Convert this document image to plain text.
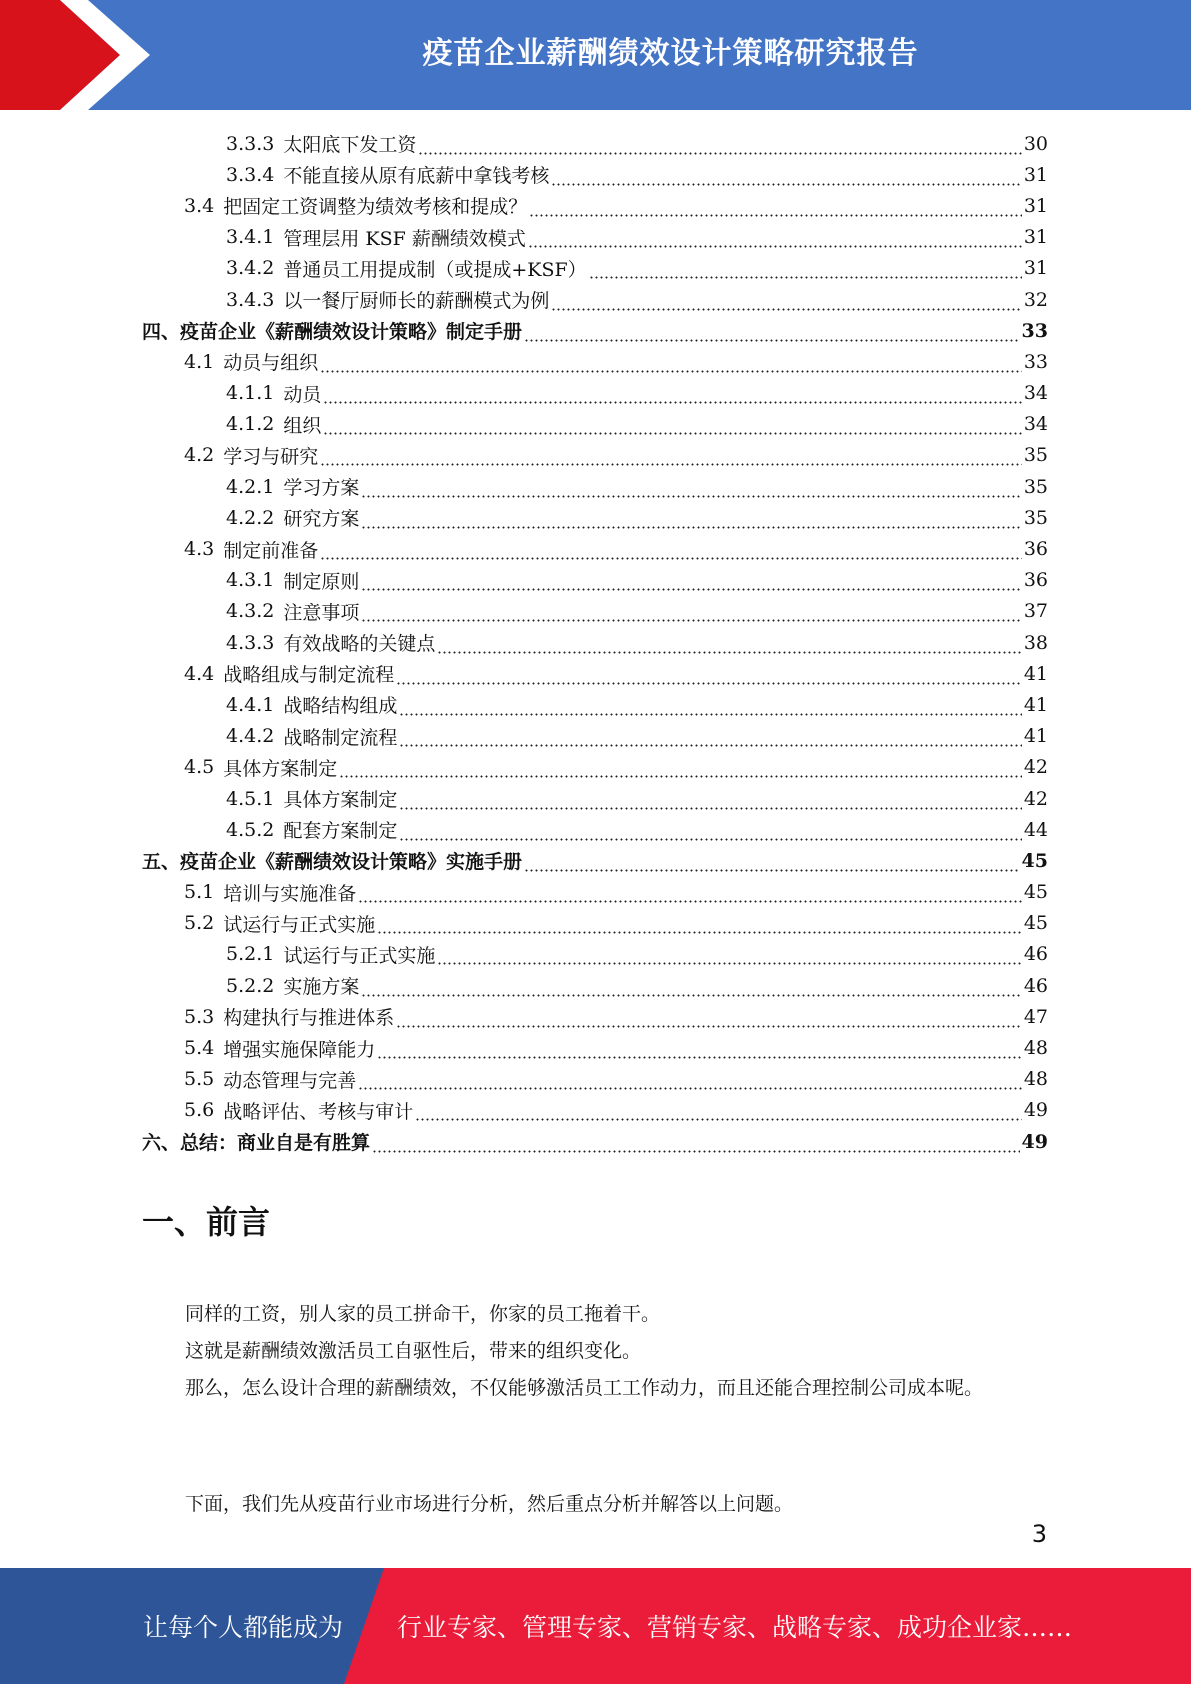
疫苗企业薪酬绩效设计策略研究报告
3.3.3 太阳底下发工资	30
3.3.4 不能直接从原有底薪中拿钱考核	31
3.4 把固定工资调整为绩效考核和提成？	31
3.4.1 管理层用 KSF 薪酬绩效模式	31
3.4.2 普通员工用提成制（或提成+KSF）	31
3.4.3 以一餐厅厨师长的薪酬模式为例	32
四、疫苗企业《薪酬绩效设计策略》制定手册	33
4.1 动员与组织	33
4.1.1 动员	34
4.1.2 组织	34
4.2 学习与研究	35
4.2.1 学习方案	35
4.2.2 研究方案	35
4.3 制定前准备	36
4.3.1 制定原则	36
4.3.2 注意事项	37
4.3.3 有效战略的关键点	38
4.4 战略组成与制定流程	41
4.4.1 战略结构组成	41
4.4.2 战略制定流程	41
4.5 具体方案制定	42
4.5.1 具体方案制定	42
4.5.2 配套方案制定	44
五、疫苗企业《薪酬绩效设计策略》实施手册	45
5.1 培训与实施准备	45
5.2 试运行与正式实施	45
5.2.1 试运行与正式实施	46
5.2.2 实施方案	46
5.3 构建执行与推进体系	47
5.4 增强实施保障能力	48
5.5 动态管理与完善	48
5.6 战略评估、考核与审计	49
六、总结：商业自是有胜算	49
一、前言

同样的工资，别人家的员工拼命干，你家的员工拖着干。

这就是薪酬绩效激活员工自驱性后，带来的组织变化。

那么，怎么设计合理的薪酬绩效，不仅能够激活员工工作动力，而且还能合理控制公司成本呢。

下面，我们先从疫苗行业市场进行分析，然后重点分析并解答以上问题。

3
让每个人都能成为 行业专家、管理专家、营销专家、战略专家、成功企业家……
